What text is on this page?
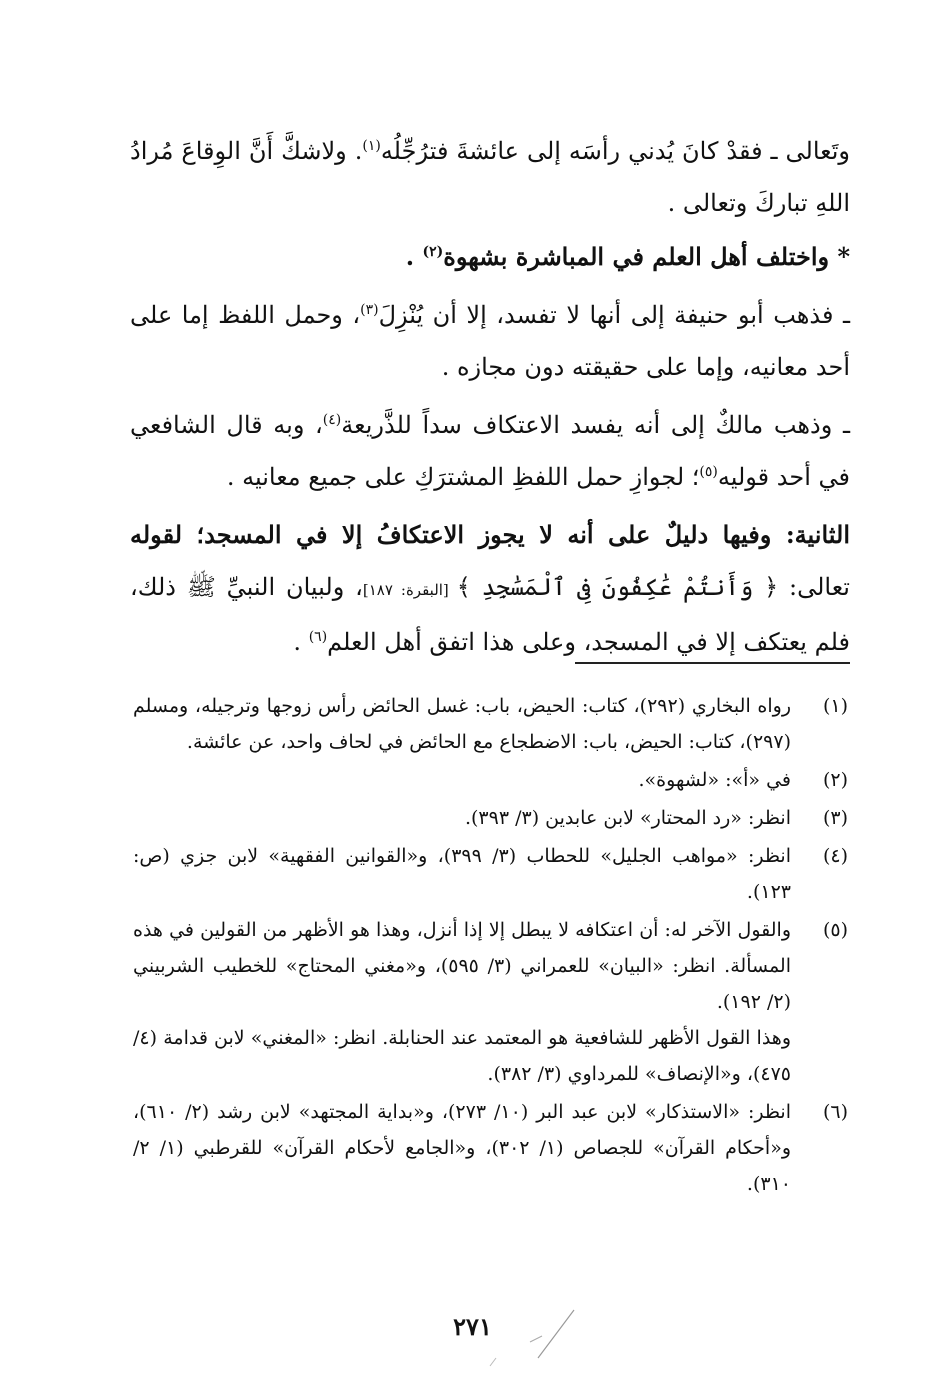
وتَعالى ـ فقدْ كانَ يُدني رأسَه إلى عائشةَ فترُجِّلُه$^{(١)}$. ولاشكَّ أَنَّ الوِقاعَ مُرادُ اللهِ تباركَ وتعالى .

* واختلف أهل العلم في المباشرة بشهوة$^{(٢)}$ .

ـ فذهب أبو حنيفة إلى أنها لا تفسد، إلا أن يُنْزِلَ$^{(٣)}$، وحمل اللفظ إما على أحد معانيه، وإما على حقيقته دون مجازه .

ـ وذهب مالكٌ إلى أنه يفسد الاعتكاف سداً للذَّريعة$^{(٤)}$، وبه قال الشافعي في أحد قوليه$^{(٥)}$؛ لجوازِ حمل اللفظِ المشترَكِ على جميع معانيه .

الثانية: وفيها دليلٌ على أنه لا يجوز الاعتكافُ إلا في المسجد؛ لقوله تعالى: ﴿ وَأَنتُمْ عَٰكِفُونَ فِى ٱلْمَسَٰجِدِ ﴾ [البقرة: ١٨٧]، ولبيان النبيِّ ﷺ ذلك، فلم يعتكف إلا في المسجد، وعلى هذا اتفق أهل العلم$^{(٦)}$ .

(١)

رواه البخاري (٢٩٢)، كتاب: الحيض، باب: غسل الحائض رأس زوجها وترجيله، ومسلم (٢٩٧)، كتاب: الحيض، باب: الاضطجاع مع الحائض في لحاف واحد، عن عائشة.

(٢)

في «أ»: «لشهوة».

(٣)

انظر: «رد المحتار» لابن عابدين (٣/ ٣٩٣).

(٤)

انظر: «مواهب الجليل» للحطاب (٣/ ٣٩٩)، و«القوانين الفقهية» لابن جزي (ص: ١٢٣).

(٥)

والقول الآخر له: أن اعتكافه لا يبطل إلا إذا أنزل، وهذا هو الأظهر من القولين في هذه المسألة. انظر: «البيان» للعمراني (٣/ ٥٩٥)، و«مغني المحتاج» للخطيب الشربيني (٢/ ١٩٢).

وهذا القول الأظهر للشافعية هو المعتمد عند الحنابلة. انظر: «المغني» لابن قدامة (٤/ ٤٧٥)، و«الإنصاف» للمرداوي (٣/ ٣٨٢).

(٦)

انظر: «الاستذكار» لابن عبد البر (١٠/ ٢٧٣)، و«بداية المجتهد» لابن رشد (٢/ ٦١٠)، و«أحكام القرآن» للجصاص (١/ ٣٠٢)، و«الجامع لأحكام القرآن» للقرطبي (١/ ٢/ ٣١٠).

٢٧١
